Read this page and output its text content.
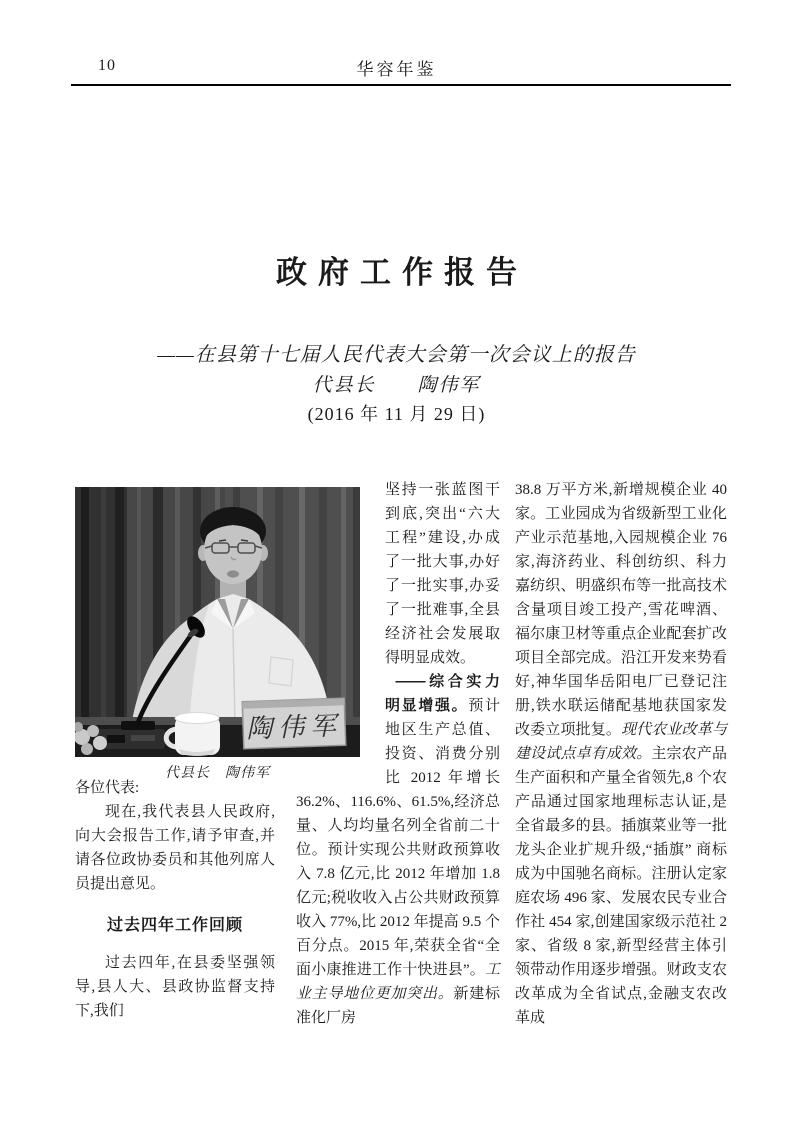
10	华容年鉴
政府工作报告

——在县第十七届人民代表大会第一次会议上的报告

代县长　　陶伟军

(2016 年 11 月 29 日)

陶伟军
代县长　陶伟军

各位代表:

现在,我代表县人民政府,向大会报告工作,请予审查,并请各位政协委员和其他列席人员提出意见。

过去四年工作回顾

过去四年,在县委坚强领导,县人大、县政协监督支持下,我们

坚持一张蓝图干到底,突出“六大工程”建设,办成了一批大事,办好了一批实事,办妥了一批难事,全县经济社会发展取得明显成效。

——综合实力明显增强。预计地区生产总值、投资、消费分别比 2012 年增长 36.2%、116.6%、61.5%,经济总量、人均均量名列全省前二十位。预计实现公共财政预算收入 7.8 亿元,比 2012 年增加 1.8 亿元;税收收入占公共财政预算收入 77%,比 2012 年提高 9.5 个百分点。2015 年,荣获全省“全面小康推进工作十快进县”。工业主导地位更加突出。新建标准化厂房

38.8 万平方米,新增规模企业 40 家。工业园成为省级新型工业化产业示范基地,入园规模企业 76 家,海济药业、科创纺织、科力嘉纺织、明盛织布等一批高技术含量项目竣工投产,雪花啤酒、福尔康卫材等重点企业配套扩改项目全部完成。沿江开发来势看好,神华国华岳阳电厂已登记注册,铁水联运储配基地获国家发改委立项批复。现代农业改革与建设试点卓有成效。主宗农产品生产面积和产量全省领先,8 个农产品通过国家地理标志认证,是全省最多的县。插旗菜业等一批龙头企业扩规升级,“插旗” 商标成为中国驰名商标。注册认定家庭农场 496 家、发展农民专业合作社 454 家,创建国家级示范社 2 家、省级 8 家,新型经营主体引领带动作用逐步增强。财政支农改革成为全省试点,金融支农改革成
